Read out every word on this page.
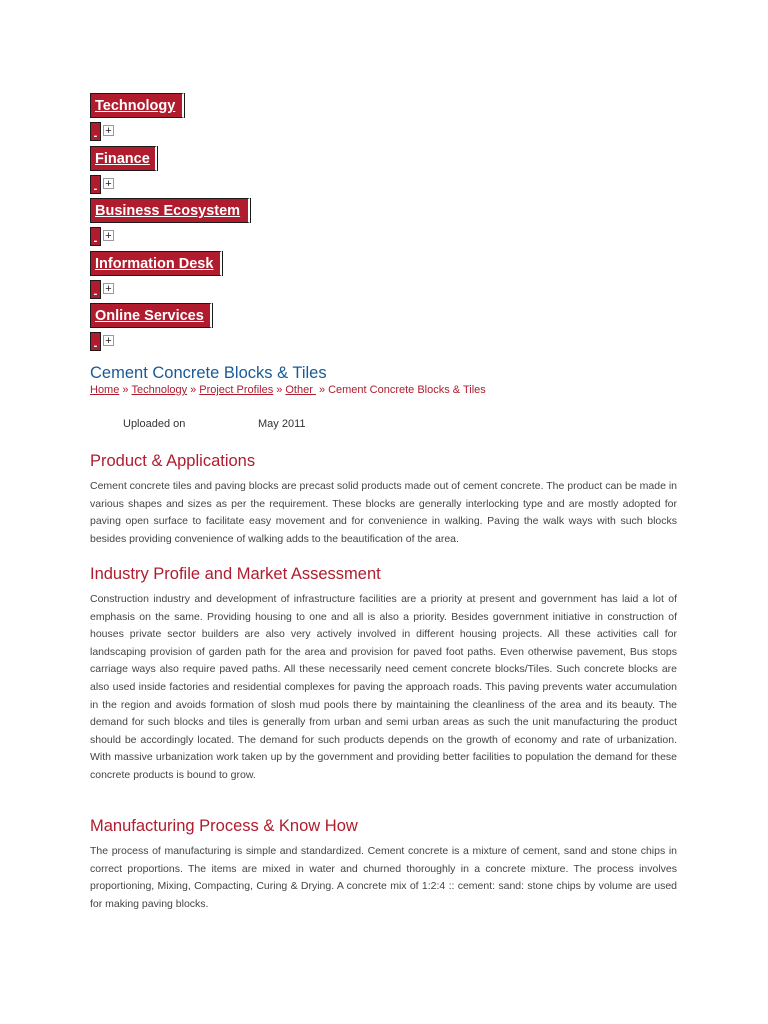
Technology
- +
Finance
- +
Business Ecosystem
- +
Information Desk
- +
Online Services
- +
Cement Concrete Blocks & Tiles
Home » Technology » Project Profiles » Other » Cement Concrete Blocks & Tiles
Uploaded on	May 2011
Product & Applications

Cement concrete tiles and paving blocks are precast solid products made out of cement concrete. The product can be made in various shapes and sizes as per the requirement. These blocks are generally interlocking type and are mostly adopted for paving open surface to facilitate easy movement and for convenience in walking. Paving the walk ways with such blocks besides providing convenience of walking adds to the beautification of the area.

Industry Profile and Market Assessment

Construction industry and development of infrastructure facilities are a priority at present and government has laid a lot of emphasis on the same. Providing housing to one and all is also a priority. Besides government initiative in construction of houses private sector builders are also very actively involved in different housing projects. All these activities call for landscaping provision of garden path for the area and provision for paved foot paths. Even otherwise pavement, Bus stops carriage ways also require paved paths. All these necessarily need cement concrete blocks/Tiles. Such concrete blocks are also used inside factories and residential complexes for paving the approach roads. This paving prevents water accumulation in the region and avoids formation of slosh mud pools there by maintaining the cleanliness of the area and its beauty. The demand for such blocks and tiles is generally from urban and semi urban areas as such the unit manufacturing the product should be accordingly located. The demand for such products depends on the growth of economy and rate of urbanization. With massive urbanization work taken up by the government and providing better facilities to population the demand for these concrete products is bound to grow.

Manufacturing Process & Know How

The process of manufacturing is simple and standardized. Cement concrete is a mixture of cement, sand and stone chips in correct proportions. The items are mixed in water and churned thoroughly in a concrete mixture. The process involves proportioning, Mixing, Compacting, Curing & Drying. A concrete mix of 1:2:4 :: cement: sand: stone chips by volume are used for making paving blocks.
